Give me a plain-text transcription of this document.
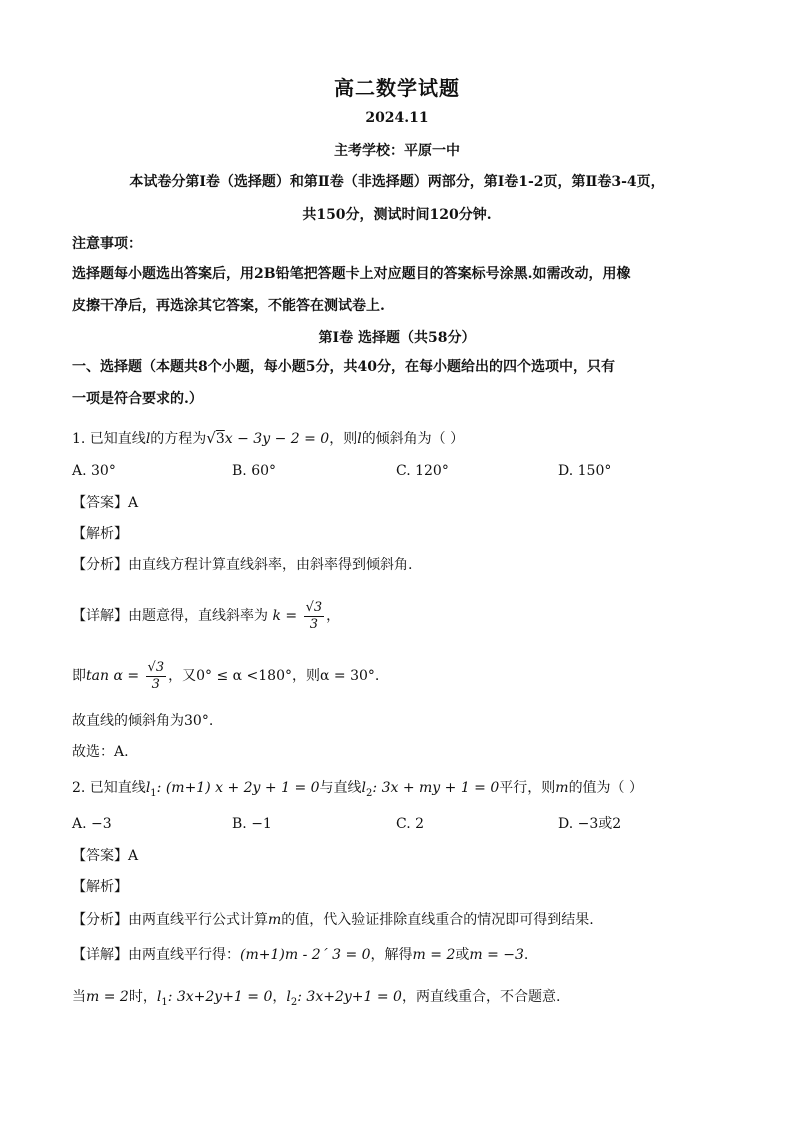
高二数学试题
2024.11
主考学校：平原一中
本试卷分第Ⅰ卷（选择题）和第Ⅱ卷（非选择题）两部分，第Ⅰ卷1-2页，第Ⅱ卷3-4页，
共150分，测试时间120分钟.
注意事项：
选择题每小题选出答案后，用2B铅笔把答题卡上对应题目的答案标号涂黑.如需改动，用橡
皮擦干净后，再选涂其它答案，不能答在测试卷上.
第Ⅰ卷 选择题（共58分）
一、选择题（本题共8个小题，每小题5分，共40分，在每小题给出的四个选项中，只有
一项是符合要求的.）
1. 已知直线l的方程为√3x − 3y − 2 = 0，则l的倾斜角为（ ）
A. 30°	B. 60°	C. 120°	D. 150°
【答案】A
【解析】
【分析】由直线方程计算直线斜率，由斜率得到倾斜角.
【详解】由题意得，直线斜率为 $k = \frac{√3}{3}$ ，
即$\tan \alpha = \frac{√3}{3}$ ，又0° ≤ α <180°，则α = 30°.
故直线的倾斜角为30°.
故选：A.
2. 已知直线$l_1$: (m+1) x + 2y + 1 = 0与直线$l_2$: 3x + my + 1 = 0平行，则m的值为（ ）
A. −3	B. −1	C. 2	D. −3或2
【答案】A
【解析】
【分析】由两直线平行公式计算m的值，代入验证排除直线重合的情况即可得到结果.
【详解】由两直线平行得：(m+1)m - 2ˊ 3 = 0，解得m = 2或m = −3.
当m = 2时，$l_1$: 3x+2y+1 = 0，$l_2$: 3x+2y+1 = 0，两直线重合，不合题意.
